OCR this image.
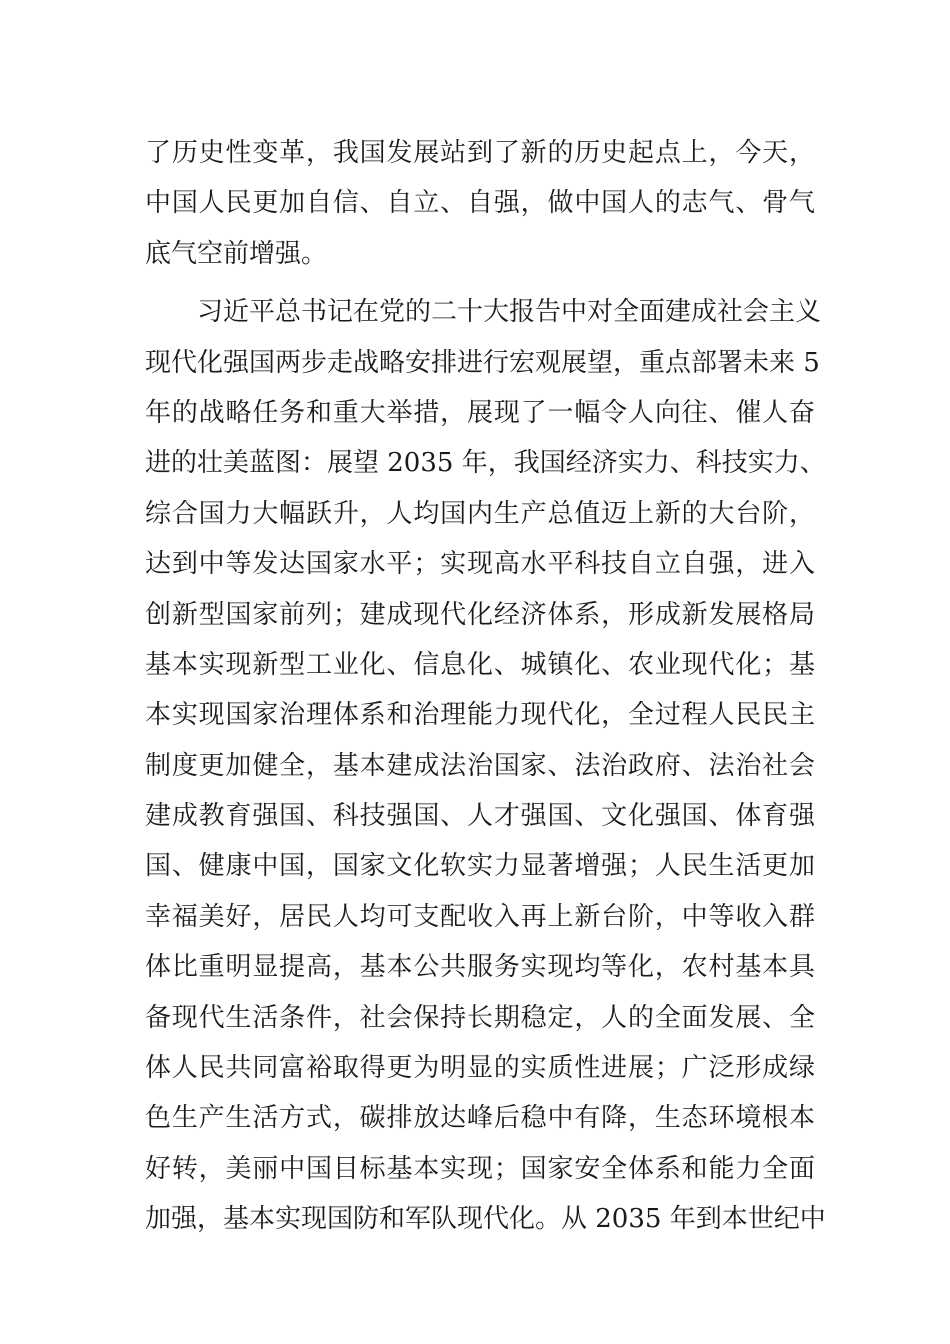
了历史性变革，我国发展站到了新的历史起点上，今天，
中国人民更加自信、自立、自强，做中国人的志气、骨气
底气空前增强。
习近平总书记在党的二十大报告中对全面建成社会主义
现代化强国两步走战略安排进行宏观展望，重点部署未来 5
年的战略任务和重大举措，展现了一幅令人向往、催人奋
进的壮美蓝图：展望 2035 年，我国经济实力、科技实力、
综合国力大幅跃升，人均国内生产总值迈上新的大台阶，
达到中等发达国家水平；实现高水平科技自立自强，进入
创新型国家前列；建成现代化经济体系，形成新发展格局
基本实现新型工业化、信息化、城镇化、农业现代化；基
本实现国家治理体系和治理能力现代化，全过程人民民主
制度更加健全，基本建成法治国家、法治政府、法治社会
建成教育强国、科技强国、人才强国、文化强国、体育强
国、健康中国，国家文化软实力显著增强；人民生活更加
幸福美好，居民人均可支配收入再上新台阶，中等收入群
体比重明显提高，基本公共服务实现均等化，农村基本具
备现代生活条件，社会保持长期稳定，人的全面发展、全
体人民共同富裕取得更为明显的实质性进展；广泛形成绿
色生产生活方式，碳排放达峰后稳中有降，生态环境根本
好转，美丽中国目标基本实现；国家安全体系和能力全面
加强，基本实现国防和军队现代化。从 2035 年到本世纪中
